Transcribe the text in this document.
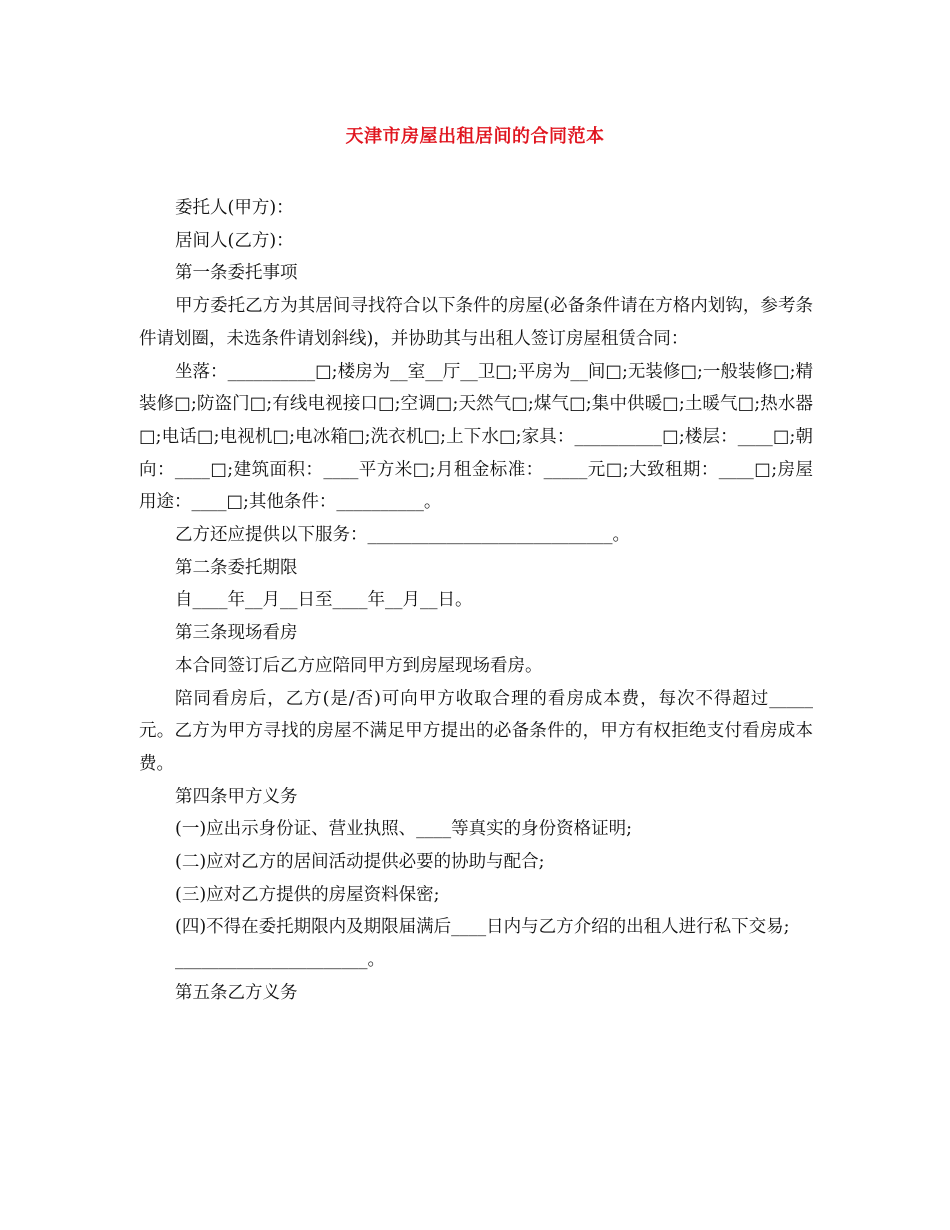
天津市房屋出租居间的合同范本

委托人(甲方)：

居间人(乙方)：

第一条委托事项

甲方委托乙方为其居间寻找符合以下条件的房屋(必备条件请在方格内划钩，参考条件请划圈，未选条件请划斜线)，并协助其与出租人签订房屋租赁合同：

坐落：__________□;楼房为__室__厅__卫□;平房为__间□;无装修□;一般装修□;精装修□;防盗门□;有线电视接口□;空调□;天然气□;煤气□;集中供暖□;土暖气□;热水器□;电话□;电视机□;电冰箱□;洗衣机□;上下水□;家具：__________□;楼层：____□;朝向：____□;建筑面积：____平方米□;月租金标准：_____元□;大致租期：____□;房屋用途：____□;其他条件：__________。

乙方还应提供以下服务：____________________________。

第二条委托期限

自____年__月__日至____年__月__日。

第三条现场看房

本合同签订后乙方应陪同甲方到房屋现场看房。

陪同看房后，乙方(是/否)可向甲方收取合理的看房成本费，每次不得超过_____元。乙方为甲方寻找的房屋不满足甲方提出的必备条件的，甲方有权拒绝支付看房成本费。

第四条甲方义务

(一)应出示身份证、营业执照、____等真实的身份资格证明;

(二)应对乙方的居间活动提供必要的协助与配合;

(三)应对乙方提供的房屋资料保密;

(四)不得在委托期限内及期限届满后____日内与乙方介绍的出租人进行私下交易;

______________________。

第五条乙方义务
